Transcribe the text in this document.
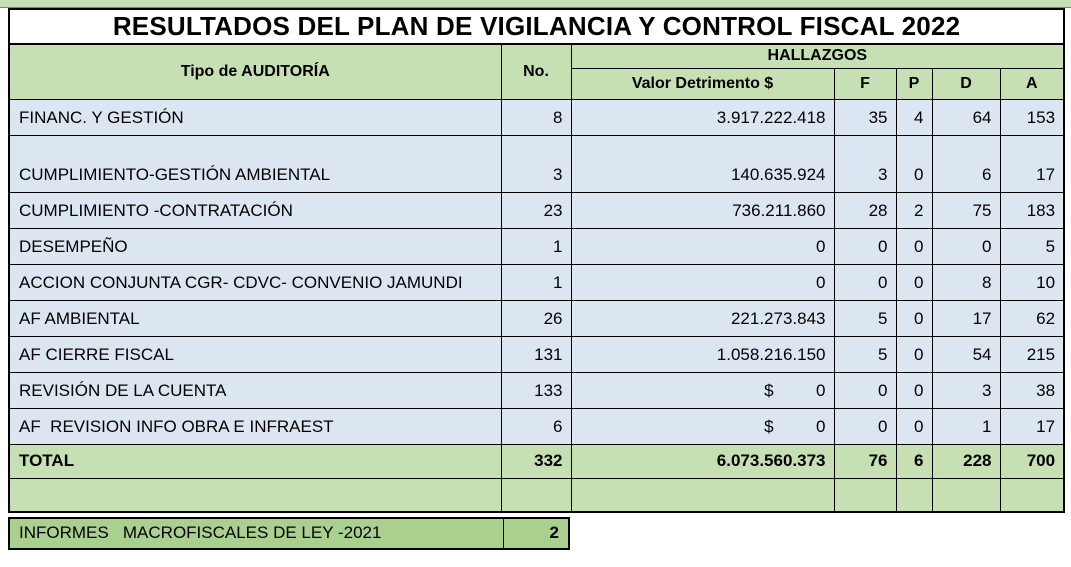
RESULTADOS DEL PLAN DE VIGILANCIA Y CONTROL FISCAL 2022						
Tipo de AUDITORÍA	No.	HALLAZGOS				
		Valor Detrimento $	F	P	D	A
FINANC. Y GESTIÓN	8	3.917.222.418	35	4	64	153
CUMPLIMIENTO-GESTIÓN AMBIENTAL	3	140.635.924	3	0	6	17
CUMPLIMIENTO -CONTRATACIÓN	23	736.211.860	28	2	75	183
DESEMPEÑO	1	0	0	0	0	5
ACCION CONJUNTA CGR- CDVC- CONVENIO JAMUNDI	1	0	0	0	8	10
AF AMBIENTAL	26	221.273.843	5	0	17	62
AF CIERRE FISCAL	131	1.058.216.150	5	0	54	215
REVISIÓN DE LA CUENTA	133	$         0	0	0	3	38
AF  REVISION INFO OBRA E INFRAEST	6	$         0	0	0	1	17
TOTAL	332	6.073.560.373	76	6	228	700

INFORMES   MACROFISCALES DE LEY -2021	2
